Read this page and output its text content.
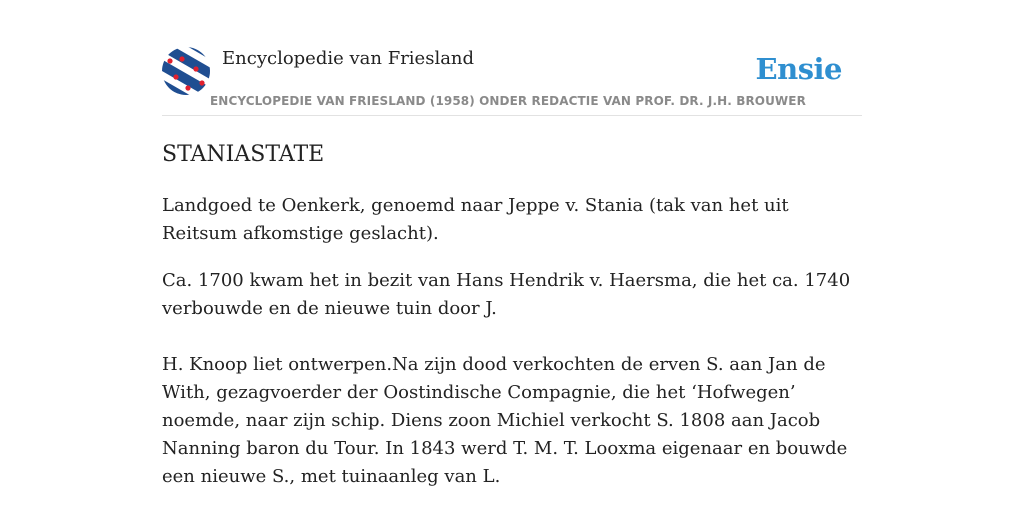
Encyclopedie van Friesland	Ensie
ENCYCLOPEDIE VAN FRIESLAND (1958) ONDER REDACTIE VAN PROF. DR. J.H. BROUWER
STANIASTATE

Landgoed te Oenkerk, genoemd naar Jeppe v. Stania (tak van het uit Reitsum afkomstige geslacht).

Ca. 1700 kwam het in bezit van Hans Hendrik v. Haersma, die het ca. 1740 verbouwde en de nieuwe tuin door J.

H. Knoop liet ontwerpen.Na zijn dood verkochten de erven S. aan Jan de With, gezagvoerder der Oostindische Compagnie, die het ‘Hofwegen’ noemde, naar zijn schip. Diens zoon Michiel verkocht S. 1808 aan Jacob Nanning baron du Tour. In 1843 werd T. M. T. Looxma eigenaar en bouwde een nieuwe S., met tuinaanleg van L.
